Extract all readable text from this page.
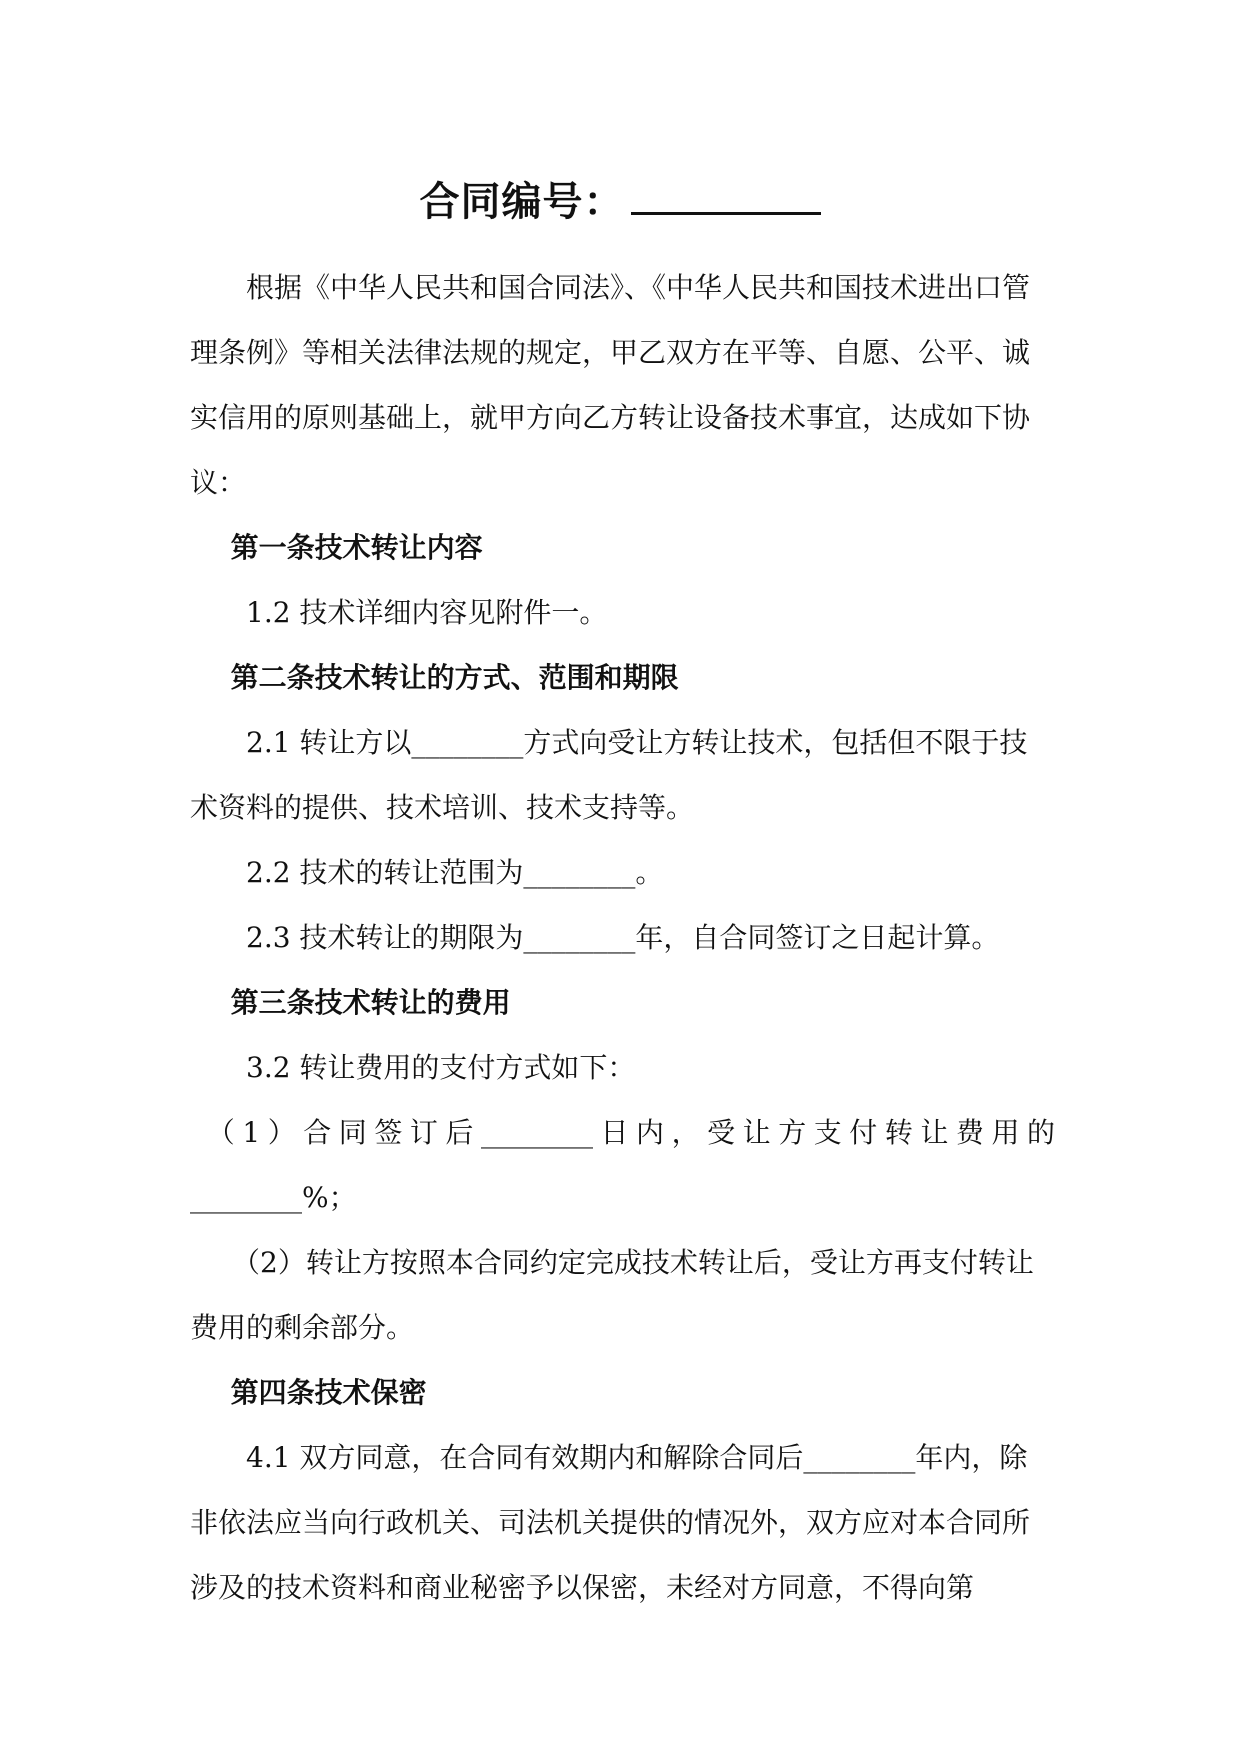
合同编号：

根据《中华人民共和国合同法》、《中华人民共和国技术进出口管理条例》等相关法律法规的规定，甲乙双方在平等、自愿、公平、诚实信用的原则基础上，就甲方向乙方转让设备技术事宜，达成如下协议：

第一条技术转让内容

1.2 技术详细内容见附件一。

第二条技术转让的方式、范围和期限

2.1 转让方以________方式向受让方转让技术，包括但不限于技术资料的提供、技术培训、技术支持等。

2.2 技术的转让范围为________。

2.3 技术转让的期限为________年，自合同签订之日起计算。

第三条技术转让的费用

3.2 转让费用的支付方式如下：

（1）合同签订后________日内，受让方支付转让费用的

________%；

（2）转让方按照本合同约定完成技术转让后，受让方再支付转让费用的剩余部分。

第四条技术保密

4.1 双方同意，在合同有效期内和解除合同后________年内，除非依法应当向行政机关、司法机关提供的情况外，双方应对本合同所涉及的技术资料和商业秘密予以保密，未经对方同意，不得向第
